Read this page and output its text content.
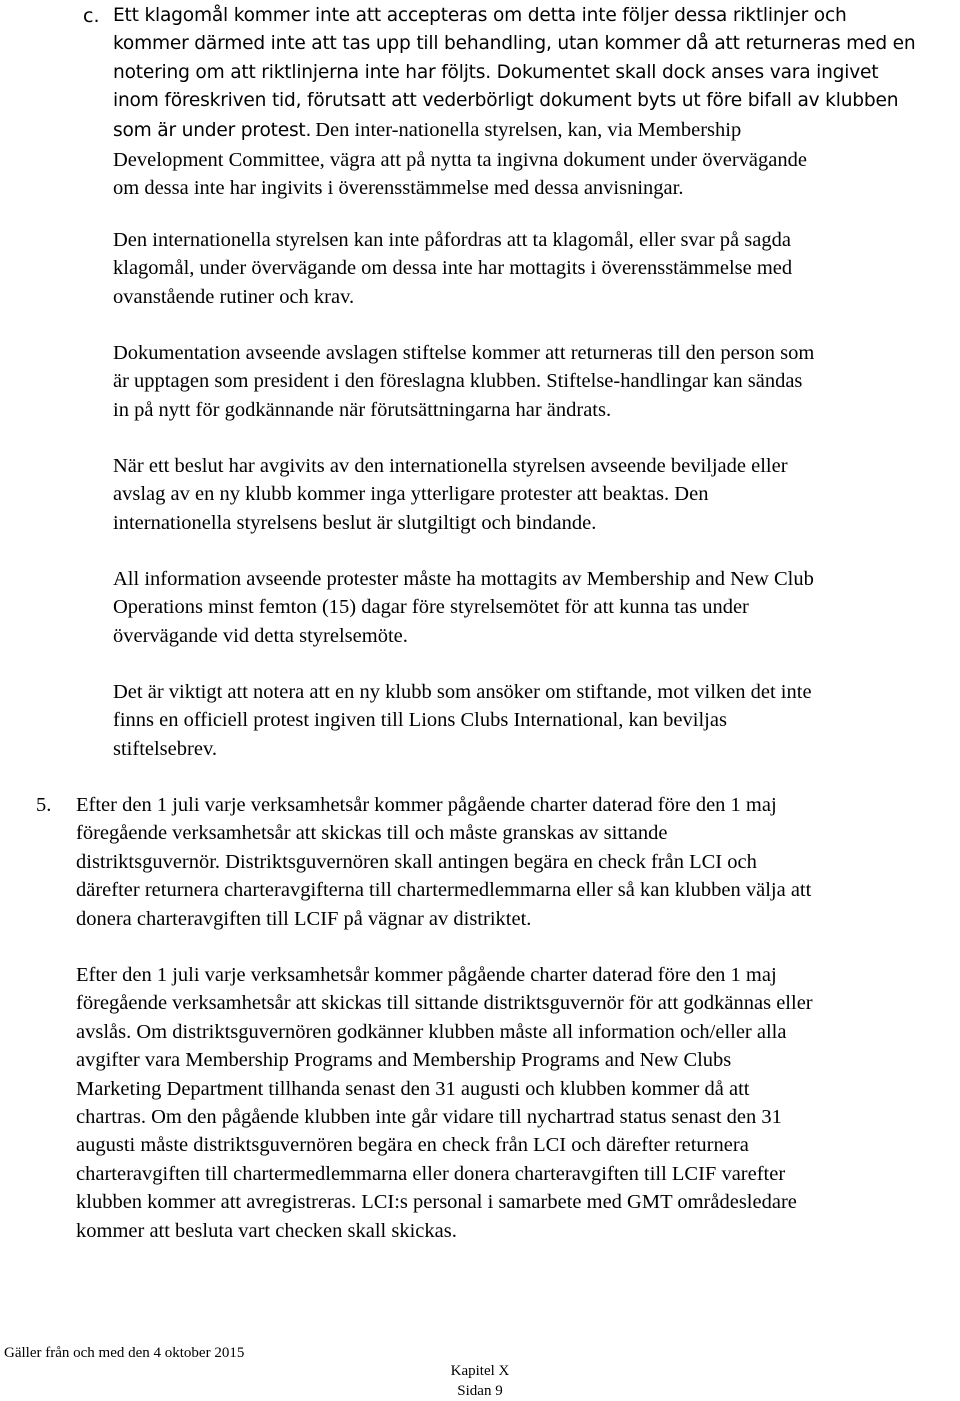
c. Ett klagomål kommer inte att accepteras om detta inte följer dessa riktlinjer och
kommer därmed inte att tas upp till behandling, utan kommer då att returneras med en
notering om att riktlinjerna inte har följts. Dokumentet skall dock anses vara ingivet
inom föreskriven tid, förutsatt att vederbörligt dokument byts ut före bifall av klubben
som är under protest. Den inter-nationella styrelsen, kan, via Membership
Development Committee, vägra att på nytta ta ingivna dokument under övervägande
om dessa inte har ingivits i överensstämmelse med dessa anvisningar.
Den internationella styrelsen kan inte påfordras att ta klagomål, eller svar på sagda
klagomål, under övervägande om dessa inte har mottagits i överensstämmelse med
ovanstående rutiner och krav.
Dokumentation avseende avslagen stiftelse kommer att returneras till den person som
är upptagen som president i den föreslagna klubben. Stiftelse-handlingar kan sändas
in på nytt för godkännande när förutsättningarna har ändrats.
När ett beslut har avgivits av den internationella styrelsen avseende beviljade eller
avslag av en ny klubb kommer inga ytterligare protester att beaktas. Den
internationella styrelsens beslut är slutgiltigt och bindande.
All information avseende protester måste ha mottagits av Membership and New Club
Operations minst femton (15) dagar före styrelsemötet för att kunna tas under
övervägande vid detta styrelsemöte.
Det är viktigt att notera att en ny klubb som ansöker om stiftande, mot vilken det inte
finns en officiell protest ingiven till Lions Clubs International, kan beviljas
stiftelsebrev.
5. Efter den 1 juli varje verksamhetsår kommer pågående charter daterad före den 1 maj
föregående verksamhetsår att skickas till och måste granskas av sittande
distriktsguvernör. Distriktsguvernören skall antingen begära en check från LCI och
därefter returnera charteravgifterna till chartermedlemmarna eller så kan klubben välja att
donera charteravgiften till LCIF på vägnar av distriktet.
Efter den 1 juli varje verksamhetsår kommer pågående charter daterad före den 1 maj
föregående verksamhetsår att skickas till sittande distriktsguvernör för att godkännas eller
avslås. Om distriktsguvernören godkänner klubben måste all information och/eller alla
avgifter vara Membership Programs and Membership Programs and New Clubs
Marketing Department tillhanda senast den 31 augusti och klubben kommer då att
chartras. Om den pågående klubben inte går vidare till nychartrad status senast den 31
augusti måste distriktsguvernören begära en check från LCI och därefter returnera
charteravgiften till chartermedlemmarna eller donera charteravgiften till LCIF varefter
klubben kommer att avregistreras. LCI:s personal i samarbete med GMT områdesledare
kommer att besluta vart checken skall skickas.
Gäller från och med den 4 oktober 2015
Kapitel X
Sidan 9
